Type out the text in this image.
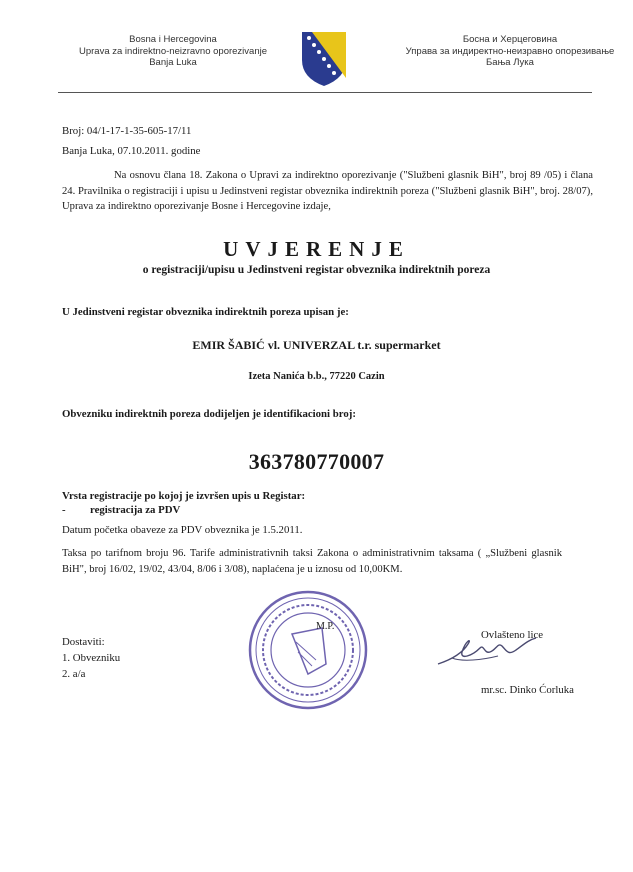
Bosna i Hercegovina
Uprava za indirektno-neizravno oporezivanje
Banja Luka
Босна и Херцеговина
Управа за индиректно-неизравно опорезивање
Бања Лука
Broj: 04/1-17-1-35-605-17/11
Banja Luka, 07.10.2011. godine
Na osnovu člana 18. Zakona o Upravi za indirektno oporezivanje ("Službeni glasnik BiH", broj 89 /05) i člana 24. Pravilnika o registraciji i upisu u Jedinstveni registar obveznika indirektnih poreza ("Službeni glasnik BiH", broj. 28/07), Uprava za indirektno oporezivanje Bosne i Hercegovine izdaje,
UVJERENJE
o registraciji/upisu u Jedinstveni registar obveznika indirektnih poreza
U Jedinstveni registar obveznika indirektnih poreza upisan je:
EMIR ŠABIĆ vl. UNIVERZAL t.r. supermarket
Izeta Nanića b.b., 77220 Cazin
Obvezniku indirektnih poreza dodijeljen je identifikacioni broj:
363780770007
Vrsta registracije po kojoj je izvršen upis u Registar:
- registracija za PDV
Datum početka obaveze za PDV obveznika je 1.5.2011.
Taksa po tarifnom broju 96. Tarife administrativnih taksi Zakona o administrativnim taksama ( „Službeni glasnik BiH", broj 16/02, 19/02, 43/04, 8/06 i 3/08), naplaćena je u iznosu od 10,00KM.
M.P.
Dostaviti:
1. Obvezniku
2. a/a
Ovlašteno lice
mr.sc. Dinko Ćorluka
